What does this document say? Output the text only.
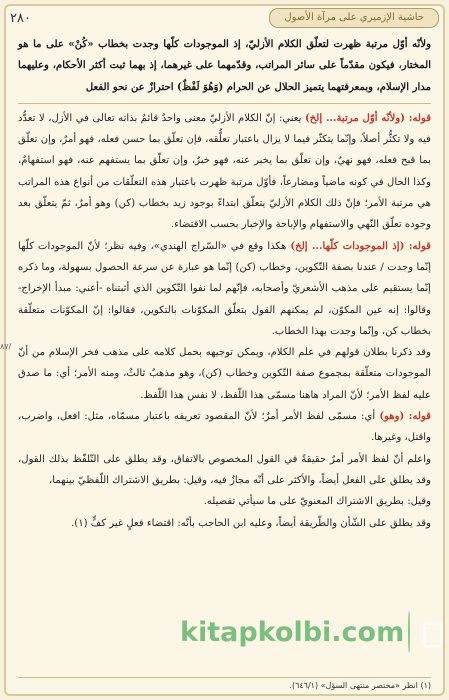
حاشية الإزميري على مرآة الأصول
٢٨٠

ولأنّه أوّل مرتبة ظهرت لتعلّق الكلام الأزليّ، إذ الموجودات كلّها وجدت بخطاب «كُنْ» على ما هو المختار، فيكون مقدّماً على سائر المراتب، وقدّمهما على غيرهما، إذ بهما ثبت أكثر الأحكام، وعليهما مدار الإسلام، وبمعرفتهما يتميز الحلال عن الحرام (وَهُوَ لَفْظٌ) احترازٌ عن نحو الفعل

قوله: (ولأنّه أوّل مرتبة... إلخ) يعني: إنّ الكلام الأزليّ معنى واحدٌ قائمٌ بذاته تعالى في الأزل، لا تعدُّد فيه ولا تكثُّر أصلاً، وإنّما يتكثّر فيما لا يزال باعتبار تعلُّقه، فإن تعلّق بما حسن فعله، فهو أمرٌ، وإن تعلّق بما قبح فعله، فهو نهيٌ، وإن تعلّق بما يخبر عنه، فهو خبرٌ، وإن تعلّق بما يستفهم عنه، فهو استفهامٌ، وكذا الحال في كونه ماضياً ومضارعاً، فأوّل مرتبة ظهرت باعتبار هذه التعلّقات من أنواع هذه المراتب هي مرتبة الأمر؛ فإنّ ذلك الكلام الأزليّ يتعلّق ابتداءً بوجود زيد بخطاب (كن) وهو أمرٌ، ثمّ يتعلّق بعد وجوده تعلّق النّهي والاستفهام والإباحة والإخبار بحسب الاقتضاء.

قوله: (إذ الموجودات كلّها... إلخ) هكذا وقع في «السّراج الهندي»، وفيه نظر؛ لأنّ الموجودات كلّها إنّما وجدت / عندنا بصفة التّكوين، وخطاب (كن) إنّما هو عبارة عن سرعة الحصول بسهولة، وما ذكره إنّما يستقيم على مذهب الأشعريّ وأصحابه، فإنّهم لما نفوا التّكوين الذي أثبتناه -أعني: مبدأ الإخراج- وقالوا: إنه عين المكوّن، لم يمكنهم القول بتعلّق المكوّنات بالتكوين، فقالوا: إنّ المكوّنات متعلّقة بخطاب كن، وإنّما وجدت بهذا الخطاب.

وقد ذكرنا بطلان قولهم في علم الكلام، ويمكن توجيهه بحمل كلامه على مذهب فخر الإسلام من أنّ الموجودات متعلّقة بمجموع صفة التّكوين وخطاب (كن)، وهو مذهبٌ ثالثٌ، ومنه الأمر؛ أي: ما صدق عليه لفظ الأمر؛ لأنّ المراد هاهنا مسمّى هذا اللّفظ، لا نفس هذا اللّفظ.

قوله: (وهو) أي: مسمّى لفظ الأمر أمرٌ؛ لأنّ المقصود تعريفه باعتبار مسمّاه، مثل: افعل، واضرب، واقتل، وغيرها.

واعلم أنّ لفظ الأمر أمرٌ حقيقةً في القول المخصوص بالاتفاق، وقد يطلق على التّلفّظ بذلك القول، وقد يطلق على الفعل أيضاً، والأكثر على أنّه مجازٌ فيه، وقيل: بطريق الاشتراك اللّفظيّ بينهما،

وقيل: بطريق الاشتراك المعنويّ على ما سيأتي تفصيله.

وقد يطلق على الشّأن والطّريقة أيضاً، وعليه ابن الحاجب بأنّه: اقتضاء فعلٍ غير كفٍّ (١).

/٨٧
kitapkolbi.com
(١) انظر «مختصر منتهى السؤل» (٦٤٦/١).
